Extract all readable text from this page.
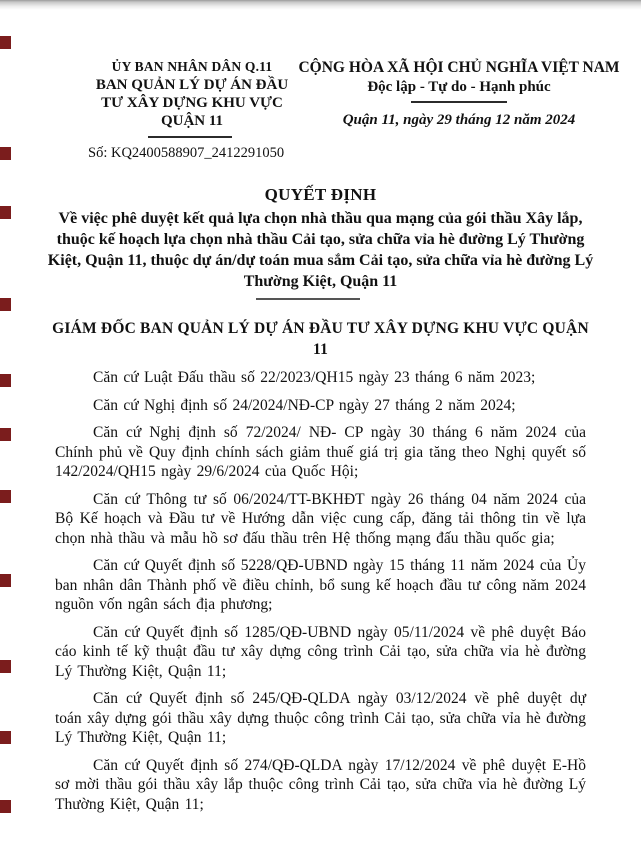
ỦY BAN NHÂN DÂN Q.11
BAN QUẢN LÝ DỰ ÁN ĐẦU
TƯ XÂY DỰNG KHU VỰC
QUẬN 11
Số: KQ2400588907_2412291050
CỘNG HÒA XÃ HỘI CHỦ NGHĨA VIỆT NAM
Độc lập - Tự do - Hạnh phúc
Quận 11, ngày 29 tháng 12 năm 2024
QUYẾT ĐỊNH
Về việc phê duyệt kết quả lựa chọn nhà thầu qua mạng của gói thầu Xây lắp, thuộc kế hoạch lựa chọn nhà thầu Cải tạo, sửa chữa vỉa hè đường Lý Thường Kiệt, Quận 11, thuộc dự án/dự toán mua sắm Cải tạo, sửa chữa vỉa hè đường Lý Thường Kiệt, Quận 11
GIÁM ĐỐC BAN QUẢN LÝ DỰ ÁN ĐẦU TƯ XÂY DỰNG KHU VỰC QUẬN 11

Căn cứ Luật Đấu thầu số 22/2023/QH15 ngày 23 tháng 6 năm 2023;

Căn cứ Nghị định số 24/2024/NĐ-CP ngày 27 tháng 2 năm 2024;

Căn cứ Nghị định số 72/2024/ NĐ- CP ngày 30 tháng 6 năm 2024 của Chính phủ về Quy định chính sách giảm thuế giá trị gia tăng theo Nghị quyết số 142/2024/QH15 ngày 29/6/2024 của Quốc Hội;

Căn cứ Thông tư số 06/2024/TT-BKHĐT ngày 26 tháng 04 năm 2024 của Bộ Kế hoạch và Đầu tư về Hướng dẫn việc cung cấp, đăng tải thông tin về lựa chọn nhà thầu và mẫu hồ sơ đấu thầu trên Hệ thống mạng đấu thầu quốc gia;

Căn cứ Quyết định số 5228/QĐ-UBND ngày 15 tháng 11 năm 2024 của Ủy ban nhân dân Thành phố về điều chỉnh, bổ sung kế hoạch đầu tư công năm 2024 nguồn vốn ngân sách địa phương;

Căn cứ Quyết định số 1285/QĐ-UBND ngày 05/11/2024 về phê duyệt Báo cáo kinh tế kỹ thuật đầu tư xây dựng công trình Cải tạo, sửa chữa vỉa hè đường Lý Thường Kiệt, Quận 11;

Căn cứ Quyết định số 245/QĐ-QLDA ngày 03/12/2024 về phê duyệt dự toán xây dựng gói thầu xây dựng thuộc công trình Cải tạo, sửa chữa vỉa hè đường Lý Thường Kiệt, Quận 11;

Căn cứ Quyết định số 274/QĐ-QLDA ngày 17/12/2024 về phê duyệt E-Hồ sơ mời thầu gói thầu xây lắp thuộc công trình Cải tạo, sửa chữa vỉa hè đường Lý Thường Kiệt, Quận 11;
